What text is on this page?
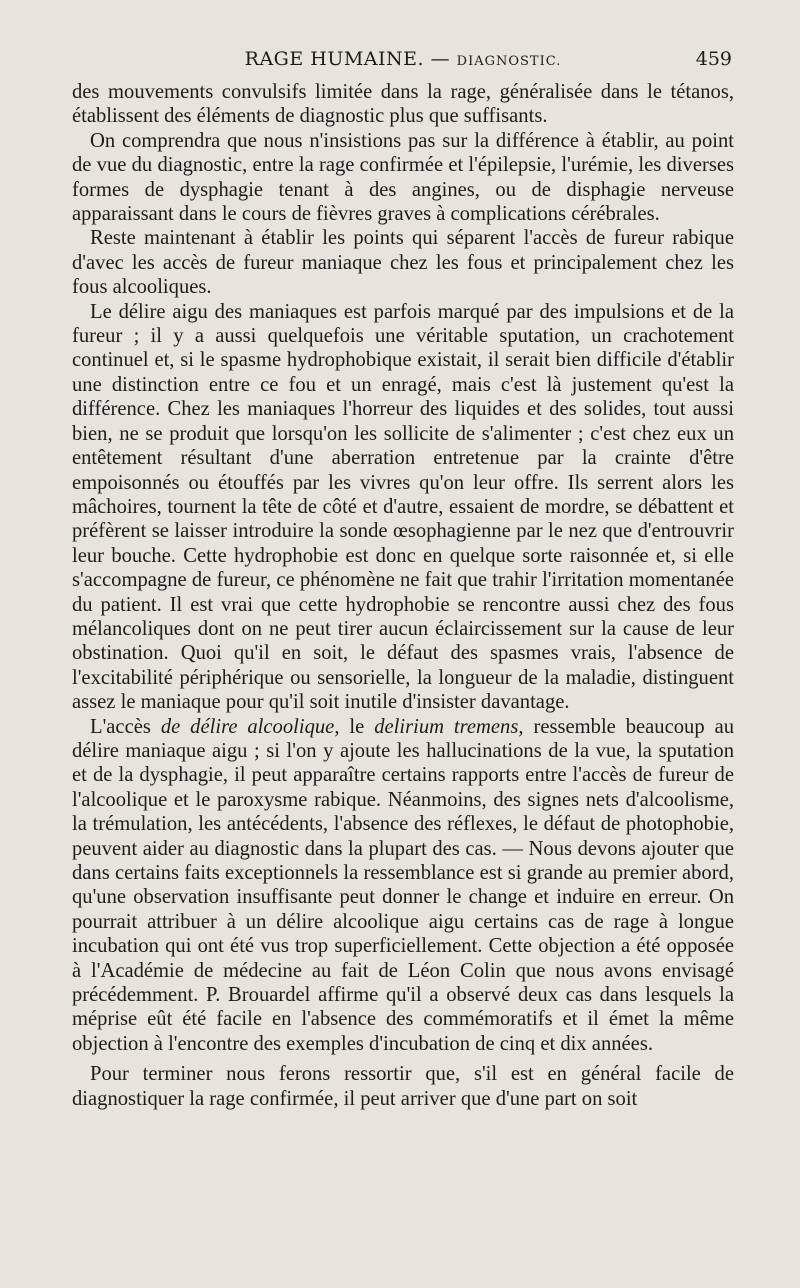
RAGE HUMAINE. — DIAGNOSTIC.	459

des mouvements convulsifs limitée dans la rage, généralisée dans le tétanos, établissent des éléments de diagnostic plus que suffisants.

On comprendra que nous n'insistions pas sur la différence à établir, au point de vue du diagnostic, entre la rage confirmée et l'épilepsie, l'urémie, les diverses formes de dysphagie tenant à des angines, ou de disphagie nerveuse apparaissant dans le cours de fièvres graves à complications cérébrales.

Reste maintenant à établir les points qui séparent l'accès de fureur rabique d'avec les accès de fureur maniaque chez les fous et principalement chez les fous alcooliques.

Le délire aigu des maniaques est parfois marqué par des impulsions et de la fureur ; il y a aussi quelquefois une véritable sputation, un crachotement continuel et, si le spasme hydrophobique existait, il serait bien difficile d'établir une distinction entre ce fou et un enragé, mais c'est là justement qu'est la différence. Chez les maniaques l'horreur des liquides et des solides, tout aussi bien, ne se produit que lorsqu'on les sollicite de s'alimenter ; c'est chez eux un entêtement résultant d'une aberration entretenue par la crainte d'être empoisonnés ou étouffés par les vivres qu'on leur offre. Ils serrent alors les mâchoires, tournent la tête de côté et d'autre, essaient de mordre, se débattent et préfèrent se laisser introduire la sonde œsophagienne par le nez que d'entrouvrir leur bouche. Cette hydrophobie est donc en quelque sorte raisonnée et, si elle s'accompagne de fureur, ce phénomène ne fait que trahir l'irritation momentanée du patient. Il est vrai que cette hydrophobie se rencontre aussi chez des fous mélancoliques dont on ne peut tirer aucun éclaircissement sur la cause de leur obstination. Quoi qu'il en soit, le défaut des spasmes vrais, l'absence de l'excitabilité périphérique ou sensorielle, la longueur de la maladie, distinguent assez le maniaque pour qu'il soit inutile d'insister davantage.

L'accès de délire alcoolique, le delirium tremens, ressemble beaucoup au délire maniaque aigu ; si l'on y ajoute les hallucinations de la vue, la sputation et de la dysphagie, il peut apparaître certains rapports entre l'accès de fureur de l'alcoolique et le paroxysme rabique. Néanmoins, des signes nets d'alcoolisme, la trémulation, les antécédents, l'absence des réflexes, le défaut de photophobie, peuvent aider au diagnostic dans la plupart des cas. — Nous devons ajouter que dans certains faits exceptionnels la ressemblance est si grande au premier abord, qu'une observation insuffisante peut donner le change et induire en erreur. On pourrait attribuer à un délire alcoolique aigu certains cas de rage à longue incubation qui ont été vus trop superficiellement. Cette objection a été opposée à l'Académie de médecine au fait de Léon Colin que nous avons envisagé précédemment. P. Brouardel affirme qu'il a observé deux cas dans lesquels la méprise eût été facile en l'absence des commémoratifs et il émet la même objection à l'encontre des exemples d'incubation de cinq et dix années.

Pour terminer nous ferons ressortir que, s'il est en général facile de diagnostiquer la rage confirmée, il peut arriver que d'une part on soit
